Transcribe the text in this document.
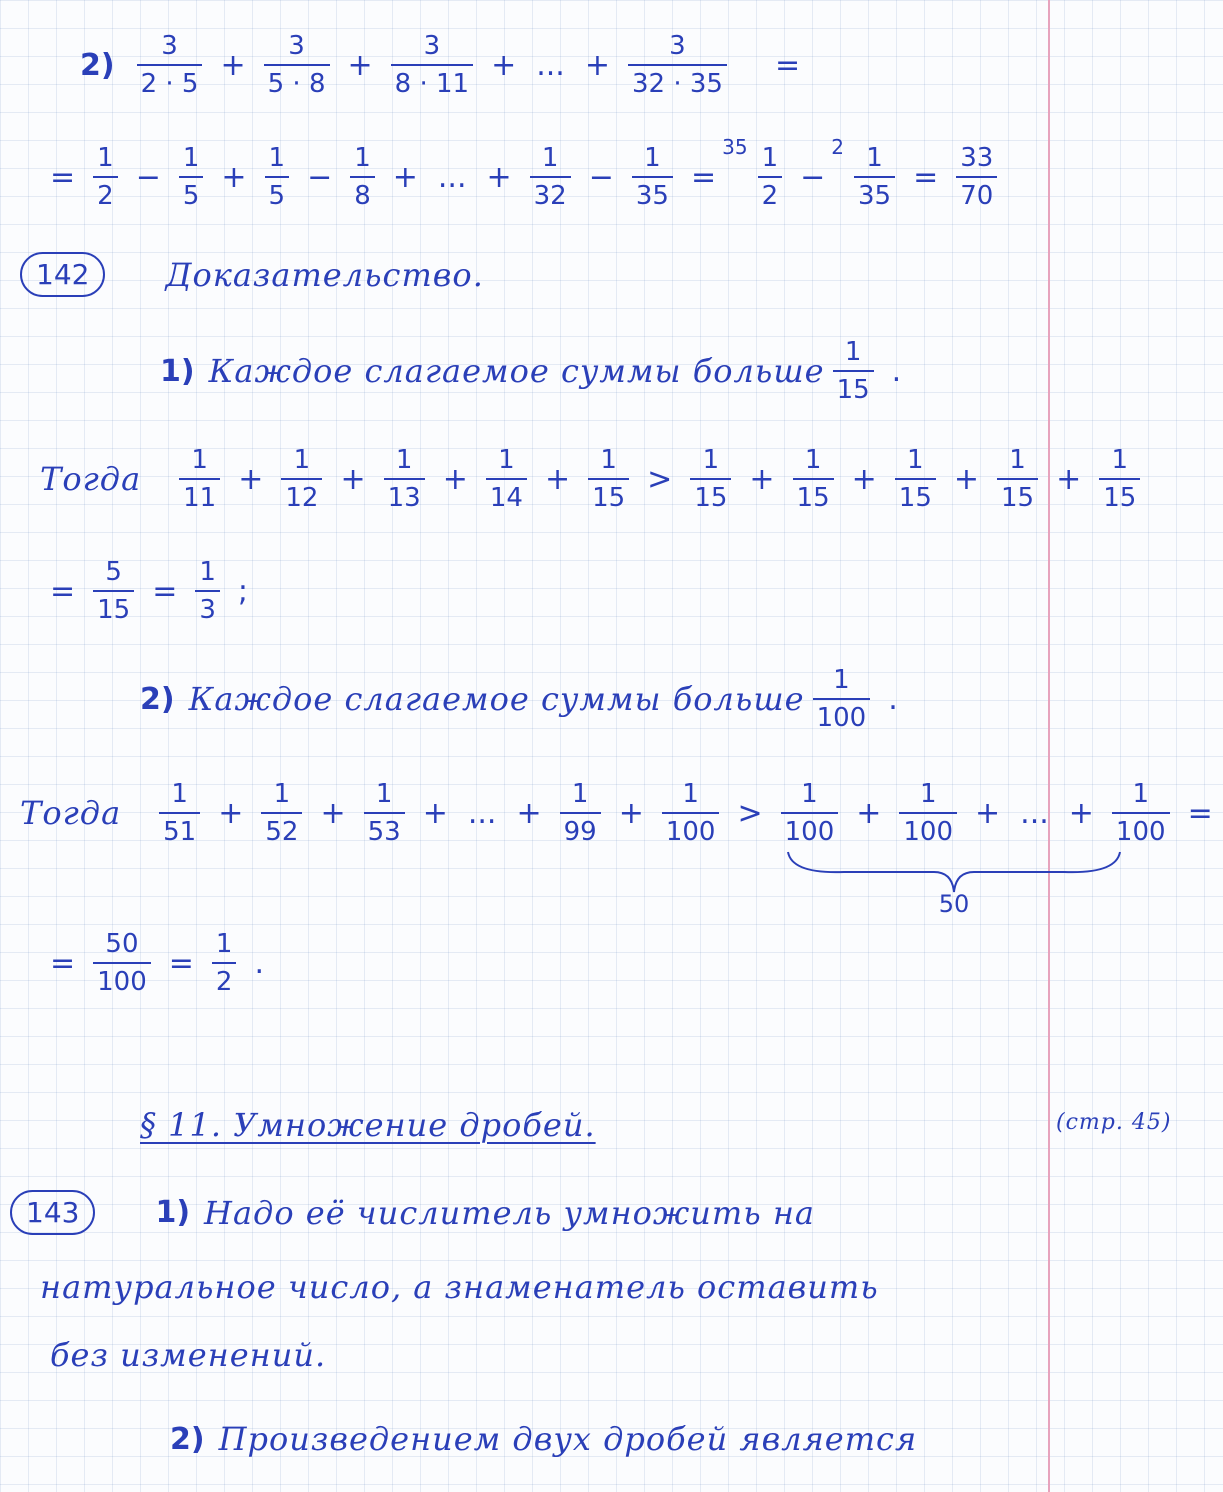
$2) \frac{3}{2 \cdot 5} + \frac{3}{5 \cdot 8} + \frac{3}{8 \cdot 11}$ + ... + $\frac{3}{32 \cdot 35}$ =
= $\frac{1}{2} - \frac{1}{5} + \frac{1}{5} - \frac{1}{8}$ + ... + $\frac{1}{32} - \frac{1}{35}$ =
$35 \frac{1}{2}$ −
$2 \frac{1}{35} = \frac{33}{70}$
142	Доказательство.
1) Каждое слагаемое суммы больше $\frac{1}{15}$ .
Тогда $\frac{1}{11} + \frac{1}{12} + \frac{1}{13} + \frac{1}{14} + \frac{1}{15} > \frac{1}{15} + \frac{1}{15} + \frac{1}{15} + \frac{1}{15} + \frac{1}{15}$
= $\frac{5}{15} = \frac{1}{3}$ ;
2) Каждое слагаемое суммы больше $\frac{1}{100}$ .
Тогда $\frac{1}{51} + \frac{1}{52} + \frac{1}{53}$ + ... + $\frac{1}{99} + \frac{1}{100} > \frac{1}{100} + \frac{1}{100}$ + ... + $\frac{1}{100}$ =
50
= $\frac{50}{100} = \frac{1}{2}$ .
§ 11. Умножение дробей.	(стр. 45)
143	1) Надо её числитель умножить на
натуральное число, а знаменатель оставить
без изменений.
2) Произведением двух дробей является
